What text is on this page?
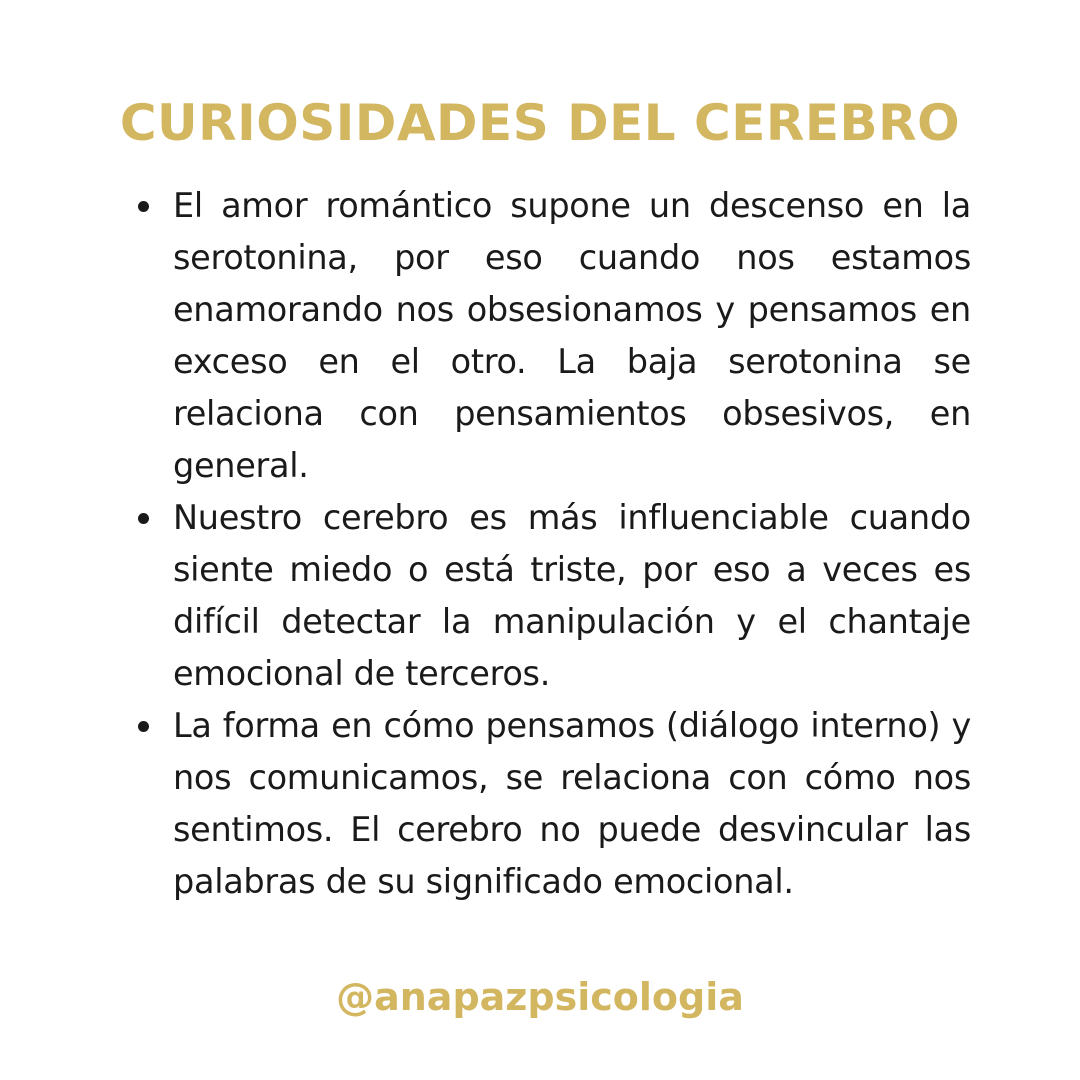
CURIOSIDADES DEL CEREBRO
El amor romántico supone un descenso en la serotonina, por eso cuando nos estamos enamorando nos obsesionamos y pensamos en exceso en el otro. La baja serotonina se relaciona con pensamientos obsesivos, en general.
Nuestro cerebro es más influenciable cuando siente miedo o está triste, por eso a veces es difícil detectar la manipulación y el chantaje emocional de terceros.
La forma en cómo pensamos (diálogo interno) y nos comunicamos, se relaciona con cómo nos sentimos. El cerebro no puede desvincular las palabras de su significado emocional.
@anapazpsicologia
